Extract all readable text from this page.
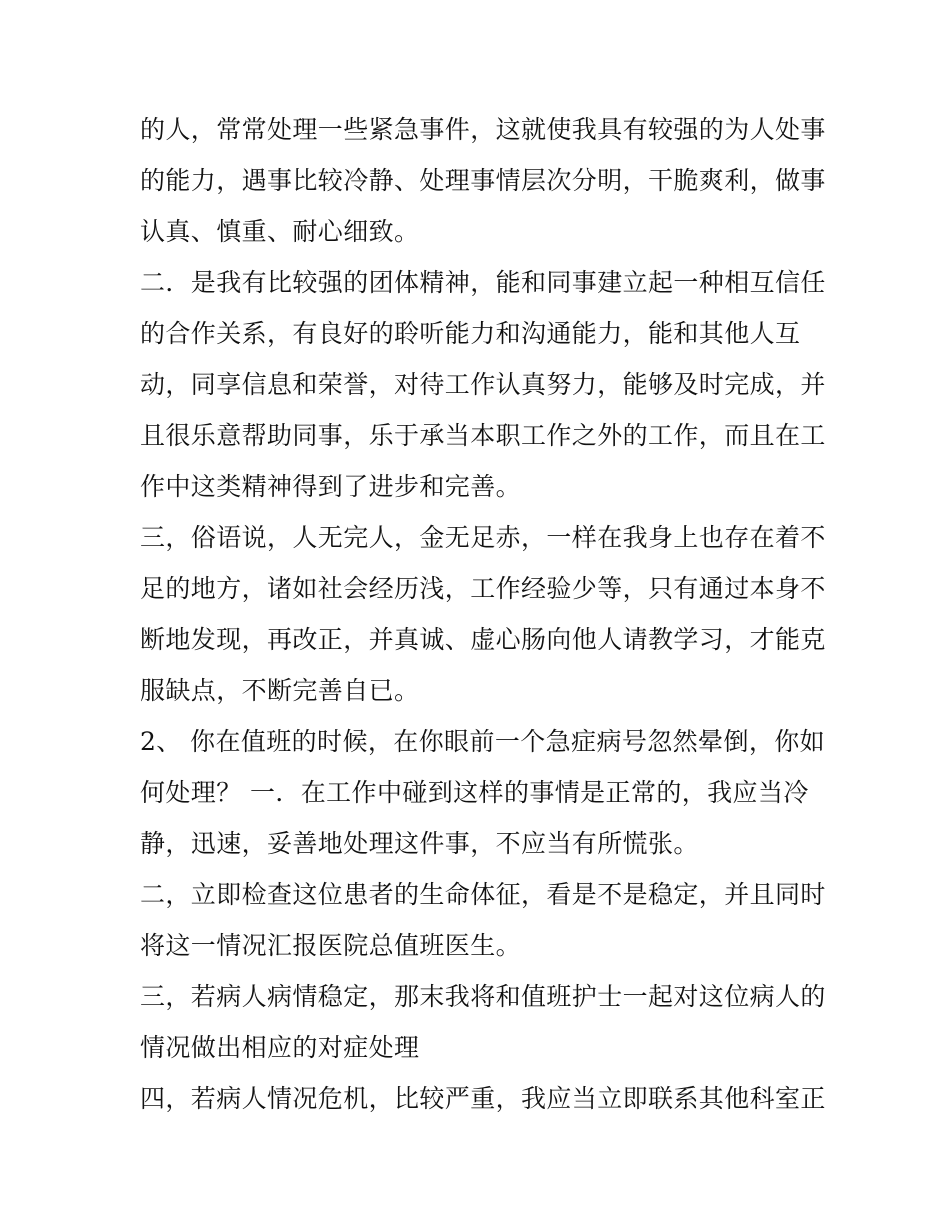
的人，常常处理一些紧急事件，这就使我具有较强的为人处事
的能力，遇事比较冷静、处理事情层次分明，干脆爽利，做事
认真、慎重、耐心细致。
二．是我有比较强的团体精神，能和同事建立起一种相互信任
的合作关系，有良好的聆听能力和沟通能力，能和其他人互
动，同享信息和荣誉，对待工作认真努力，能够及时完成，并
且很乐意帮助同事，乐于承当本职工作之外的工作，而且在工
作中这类精神得到了进步和完善。
三，俗语说，人无完人，金无足赤，一样在我身上也存在着不
足的地方，诸如社会经历浅，工作经验少等，只有通过本身不
断地发现，再改正，并真诚、虚心肠向他人请教学习，才能克
服缺点，不断完善自已。
2、 你在值班的时候，在你眼前一个急症病号忽然晕倒，你如
何处理？ 一．在工作中碰到这样的事情是正常的，我应当冷
静，迅速，妥善地处理这件事，不应当有所慌张。
二，立即检查这位患者的生命体征，看是不是稳定，并且同时
将这一情况汇报医院总值班医生。
三，若病人病情稳定，那末我将和值班护士一起对这位病人的
情况做出相应的对症处理
四，若病人情况危机，比较严重，我应当立即联系其他科室正
